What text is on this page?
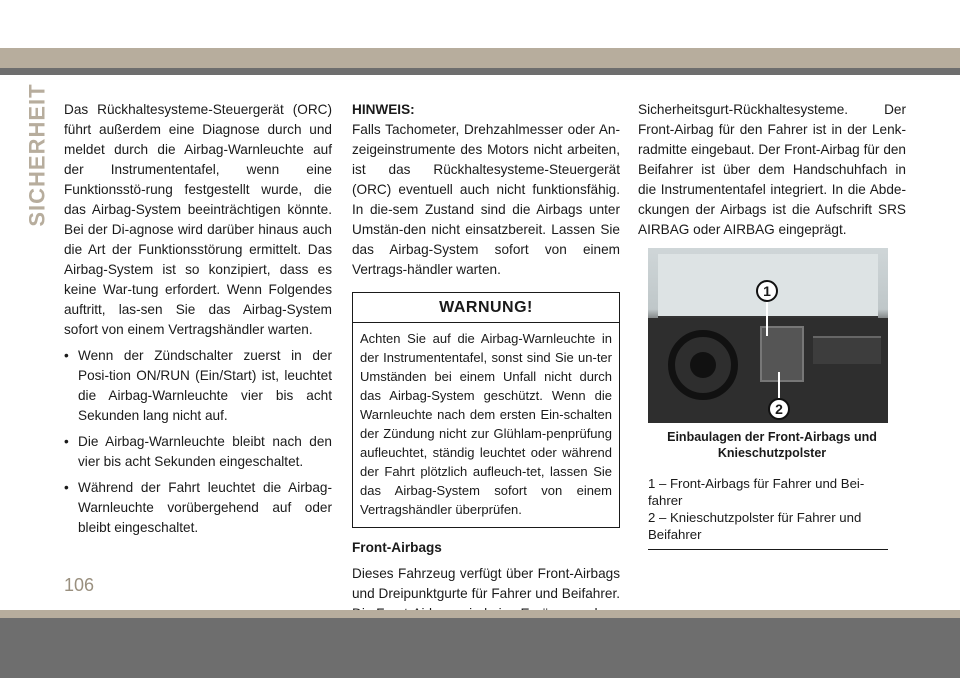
SICHERHEIT Das Rückhaltesysteme-Steuergerät (ORC) führt außerdem eine Diagnose durch und meldet durch die Airbag-Warnleuchte auf der Instrumententafel, wenn eine Funktionsstö-rung festgestellt wurde, die das Airbag-System beeinträchtigen könnte. Bei der Di-agnose wird darüber hinaus auch die Art der Funktionsstörung ermittelt. Das Airbag-System ist so konzipiert, dass es keine War-tung erfordert. Wenn Folgendes auftritt, las-sen Sie das Airbag-System sofort von einem Vertragshändler warten.

• Wenn der Zündschalter zuerst in der Posi-tion ON/RUN (Ein/Start) ist, leuchtet die Airbag-Warnleuchte vier bis acht Sekunden lang nicht auf.
• Die Airbag-Warnleuchte bleibt nach den vier bis acht Sekunden eingeschaltet.
• Während der Fahrt leuchtet die Airbag-Warnleuchte vorübergehend auf oder bleibt eingeschaltet.
HINWEIS:

Falls Tachometer, Drehzahlmesser oder An-zeigeinstrumente des Motors nicht arbeiten, ist das Rückhaltesysteme-Steuergerät (ORC) eventuell auch nicht funktionsfähig. In die-sem Zustand sind die Airbags unter Umstän-den nicht einsatzbereit. Lassen Sie das Airbag-System sofort von einem Vertrags-händler warten.

WARNUNG!
Achten Sie auf die Airbag-Warnleuchte in der Instrumententafel, sonst sind Sie un-ter Umständen bei einem Unfall nicht durch das Airbag-System geschützt. Wenn die Warnleuchte nach dem ersten Ein-schalten der Zündung nicht zur Glühlam-penprüfung aufleuchtet, ständig leuchtet oder während der Fahrt plötzlich aufleuch-tet, lassen Sie das Airbag-System sofort von einem Vertragshändler überprüfen.
Front-Airbags

Dieses Fahrzeug verfügt über Front-Airbags und Dreipunktgurte für Fahrer und Beifahrer.

Sicherheitsgurt-Rückhaltesysteme. Der Front-Airbag für den Fahrer ist in der Lenk-radmitte eingebaut. Der Front-Airbag für den Beifahrer ist über dem Handschuhfach in die Instrumententafel integriert. In die Abde-ckungen der Airbags ist die Aufschrift SRS AIRBAG oder AIRBAG eingeprägt.

1
2
Einbaulagen der Front-Airbags und Knieschutzpolster
1 – Front-Airbags für Fahrer und Bei-fahrer
2 – Knieschutzpolster für Fahrer und Beifahrer
106
